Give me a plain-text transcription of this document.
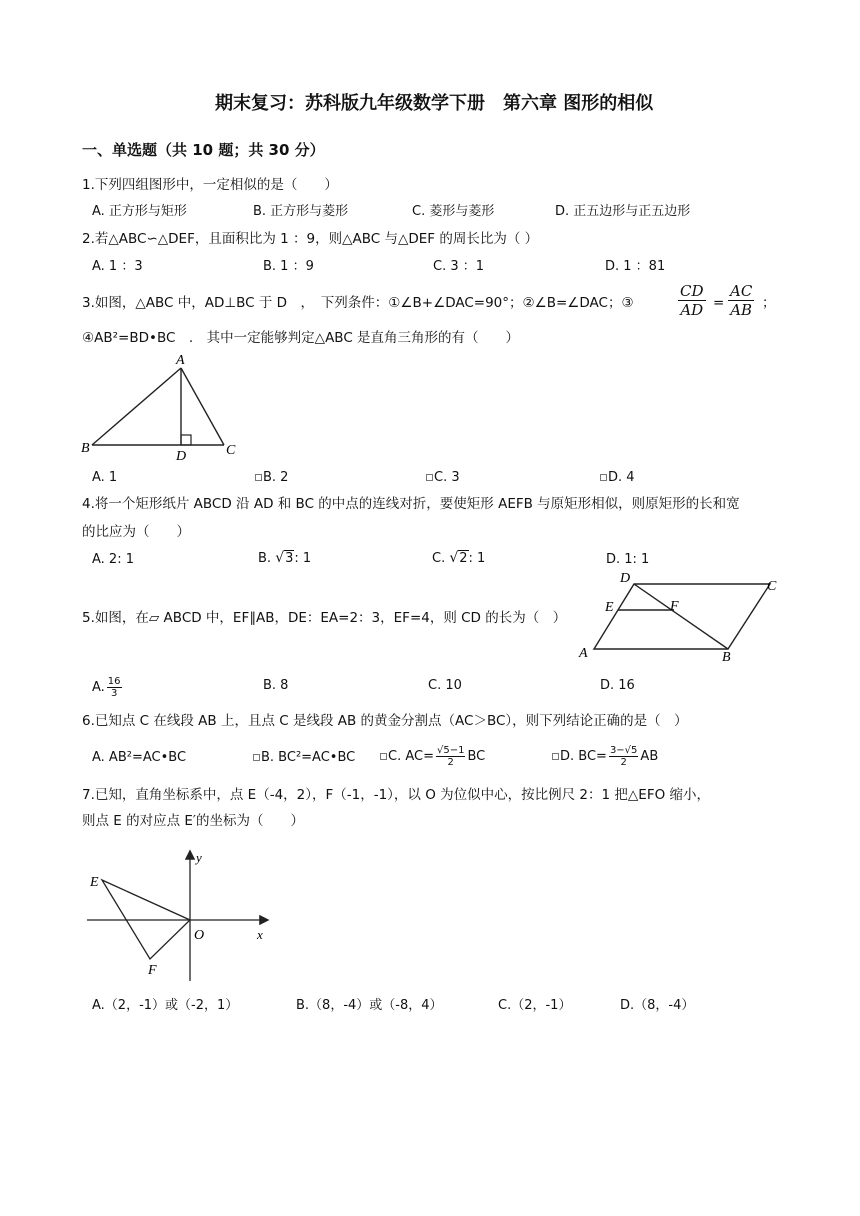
期末复习：苏科版九年级数学下册　第六章 图形的相似
一、单选题（共 10 题；共 30 分）
1.下列四组图形中，一定相似的是（　　）
A. 正方形与矩形	B. 正方形与菱形	C. 菱形与菱形	D. 正五边形与正五边形
2.若△ABC∽△DEF，且面积比为 1 ：9，则△ABC 与△DEF 的周长比为（ ）
A. 1 ：3	B. 1 ：9	C. 3 ：1	D. 1 ：81
3.如图，△ABC 中，AD⊥BC 于 D　，　下列条件：①∠B+∠DAC=90°；②∠B=∠DAC；③	$\frac{CD}{AD} = \frac{AC}{AB}$ ；
④AB²=BD•BC　.　其中一定能够判定△ABC 是直角三角形的有（　　）
A
B	C
D
A. 1	B. 2	C. 3	D. 4
4.将一个矩形纸片 ABCD 沿 AD 和 BC 的中点的连线对折，要使矩形 AEFB 与原矩形相似，则原矩形的长和宽
的比应为（　　）
A. 2: 1	B. √3: 1	C. √2: 1	D. 1: 1
D
C
E	F
A	B
5.如图，在▱ ABCD 中，EF∥AB，DE：EA=2：3，EF=4，则 CD 的长为（　）
A. $\frac{16}{3}$	B. 8	C. 10	D. 16
6.已知点 C 在线段 AB 上，且点 C 是线段 AB 的黄金分割点（AC＞BC），则下列结论正确的是（　）
A. AB²=AC•BC	B. BC²=AC•BC	C. $AC= \frac{√5-1}{2}$ BC	D. $BC= \frac{3-√5}{2}$ AB
7.已知，直角坐标系中，点 E（-4，2），F（-1，-1），以 O 为位似中心，按比例尺 2：1 把△EFO 缩小，
则点 E 的对应点 E′的坐标为（　　）
y
E
O	x
F
A.（2，-1）或（-2，1）	B.（8，-4）或（-8，4）	C.（2，-1）	D.（8，-4）
